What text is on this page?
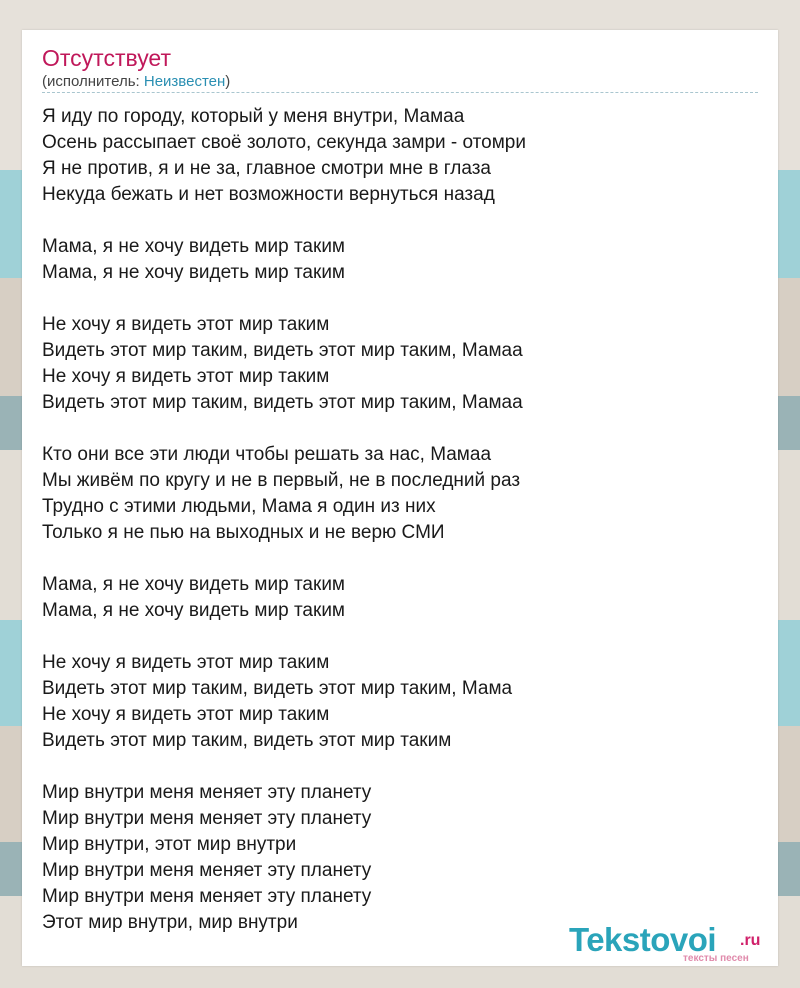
Отсутствует
(исполнитель: Неизвестен)
Я иду по городу, который у меня внутри, Мамаа
Осень рассыпает своё золото, секунда замри - отомри
Я не против, я и не за, главное смотри мне в глаза
Некуда бежать и нет возможности вернуться назад
Мама, я не хочу видеть мир таким
Мама, я не хочу видеть мир таким
Не хочу я видеть этот мир таким
Видеть этот мир таким, видеть этот мир таким, Мамаа
Не хочу я видеть этот мир таким
Видеть этот мир таким, видеть этот мир таким, Мамаа
Кто они все эти люди чтобы решать за нас, Мамаа
Мы живём по кругу и не в первый, не в последний раз
Трудно с этими людьми, Мама я один из них
Только я не пью на выходных и не верю СМИ
Мама, я не хочу видеть мир таким
Мама, я не хочу видеть мир таким
Не хочу я видеть этот мир таким
Видеть этот мир таким, видеть этот мир таким, Мама
Не хочу я видеть этот мир таким
Видеть этот мир таким, видеть этот мир таким
Мир внутри меня меняет эту планету
Мир внутри меня меняет эту планету
Мир внутри, этот мир внутри
Мир внутри меня меняет эту планету
Мир внутри меня меняет эту планету
Этот мир внутри, мир внутри	Tekstovoi .ru
тексты песен
